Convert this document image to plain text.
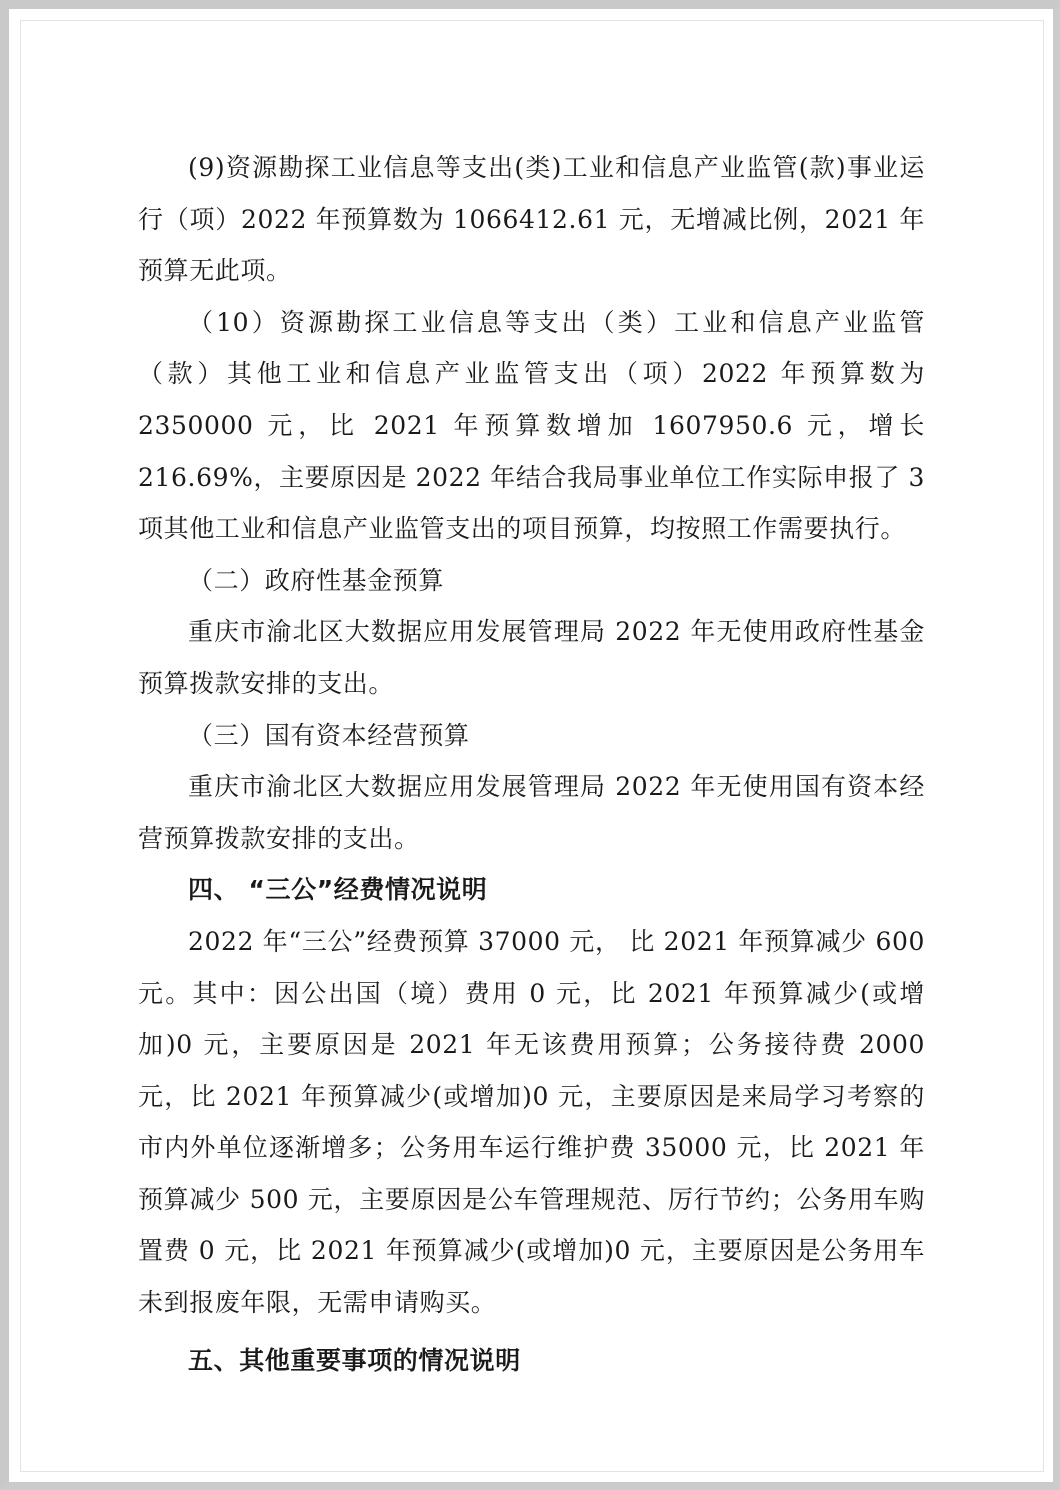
(9)资源勘探工业信息等支出(类)工业和信息产业监管(款)事业运行（项）2022 年预算数为 1066412.61 元，无增减比例，2021 年预算无此项。

（10）资源勘探工业信息等支出（类）工业和信息产业监管（款）其他工业和信息产业监管支出（项）2022 年预算数为2350000 元，比 2021 年预算数增加 1607950.6 元，增长 216.69%，主要原因是 2022 年结合我局事业单位工作实际申报了 3 项其他工业和信息产业监管支出的项目预算，均按照工作需要执行。

（二）政府性基金预算

重庆市渝北区大数据应用发展管理局 2022 年无使用政府性基金预算拨款安排的支出。

（三）国有资本经营预算

重庆市渝北区大数据应用发展管理局 2022 年无使用国有资本经营预算拨款安排的支出。

四、 “三公”经费情况说明

2022 年“三公”经费预算 37000 元， 比 2021 年预算减少 600元。其中：因公出国（境）费用 0 元，比 2021 年预算减少(或增加)0 元，主要原因是 2021 年无该费用预算；公务接待费 2000 元，比 2021 年预算减少(或增加)0 元，主要原因是来局学习考察的市内外单位逐渐增多；公务用车运行维护费 35000 元，比 2021 年预算减少 500 元，主要原因是公车管理规范、厉行节约；公务用车购置费 0 元，比 2021 年预算减少(或增加)0 元，主要原因是公务用车未到报废年限，无需申请购买。

五、其他重要事项的情况说明
